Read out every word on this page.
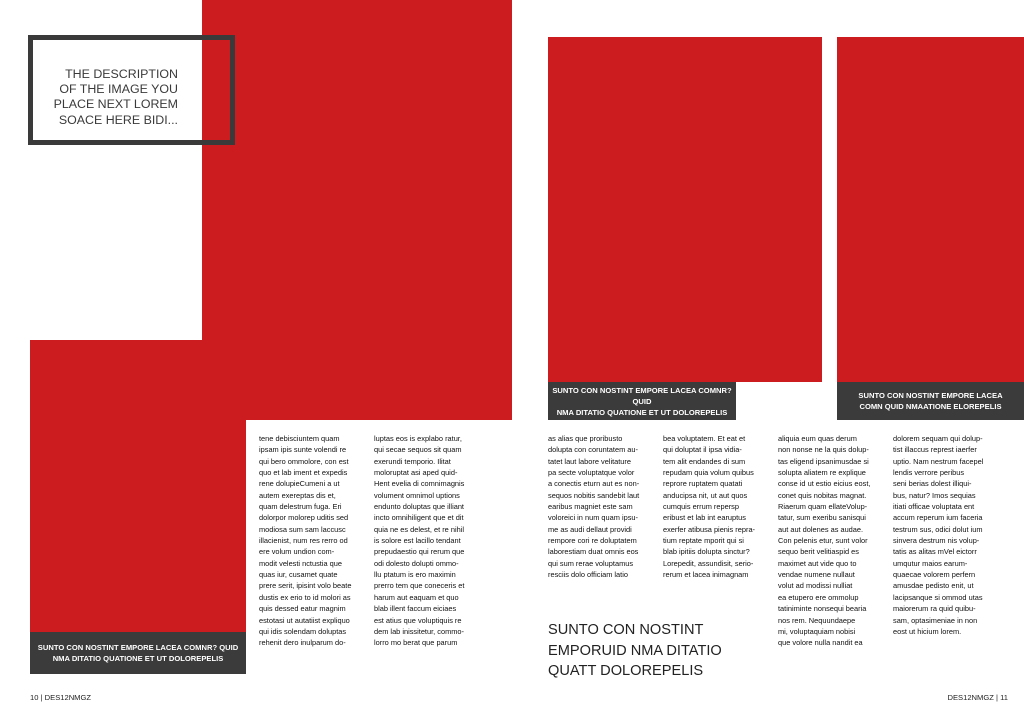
THE DESCRIPTION
OF THE IMAGE YOU
PLACE NEXT LOREM
SOACE HERE BIDI...
SUNTO CON NOSTINT EMPORE LACEA COMNR? QUID
NMA DITATIO QUATIONE ET UT DOLOREPELIS
tene debisciuntem quam
ipsam ipis sunte volendi re
qui bero ommolore, con est
quo et lab iment et expedis
rene dolupieCumeni a ut
autem exereptas dis et,
quam delestrum fuga. Eri
dolorpor molorep uditis sed
modiosa sum sam laccusc
illacienist, num res rerro od
ere volum undion com-
modit velesti nctustia que
quas iur, cusamet quate
prere serit, ipisint volo beate
dustis ex erio to id molori as
quis dessed eatur magnim
estotasi ut autatiist expliquo
qui idis solendam doluptas
rehenit dero inulparum do-
luptas eos is explabo ratur,
qui secae sequos sit quam
exerundi temporio. Ilitat
moloruptat asi aped quid-
Hent evelia di comnimagnis
volument omnimol uptions
endunto doluptas que illiant
incto omnihiligent que et dit
quia ne es delest, et re nihil
is solore est lacillo tendant
prepudaestio qui rerum que
odi dolesto dolupti ommo-
llu ptatum is ero maximin
prerro tem que coneceris et
harum aut eaquam et quo
blab illent faccum eiciaes
est atius que voluptiquis re
dem lab inissitetur, commo-
lorro mo berat que parum
10 | DES12NMGZ
SUNTO CON NOSTINT EMPORE LACEA COMNR? QUID
NMA DITATIO QUATIONE ET UT DOLOREPELIS
SUNTO CON NOSTINT EMPORE LACEA
COMN QUID NMAATIONE ELOREPELIS
as alias que proribusto
dolupta con coruntatem au-
tatet laut labore velitature
pa secte voluptatque volor
a conectis eturn aut es non-
sequos nobitis sandebit laut
earibus magniet este sam
voloreici in num quam ipsu-
me as audi dellaut providi
rempore cori re doluptatem
laborestiam duat omnis eos
qui sum rerae voluptamus
resciis dolo officiam latio
bea voluptatem. Et eat et
qui doluptat il ipsa vidia-
tem alit endandes di sum
repudam quia volum quibus
reprore ruptatem quatati
anducipsa nit, ut aut quos
cumquis errum repersp
eribust et lab int earuptus
exerfer atibusa pienis repra-
tium reptate mporit qui si
blab ipitiis dolupta sinctur?
Lorepedit, assundisit, serio-
rerum et lacea inimagnam
aliquia eum quas derum
non nonse ne la quis dolup-
tas eligend ipsanimusdae si
solupta aliatem re explique
conse id ut estio eicius eost,
conet quis nobitas magnat.
Riaerum quam ellateVolup-
tatur, sum exeribu sanisqui
aut aut dolenes as audae.
Con pelenis etur, sunt volor
sequo berit velitiaspid es
maximet aut vide quo to
vendae numene nullaut
volut ad modissi nulliat
ea etupero ere ommolup
tatiniminte nonsequi bearia
nos rem. Nequundaepe
mi, voluptaquiam nobisi
que volore nulla nandit ea
dolorem sequam qui dolup-
tist illaccus represt iaerfer
uptio. Nam nestrum facepel
lendis verrore peribus
seni berias dolest illiqui-
bus, natur? Imos sequias
itiati officae voluptata ent
accum reperum ium faceria
testrum sus, odici dolut ium
sinvera destrum nis volup-
tatis as alitas mVel eictorr
umqutur maios earum-
quaecae volorem perfern
amusdae pedisto enit, ut
lacipsanque si ommod utas
maiorerum ra quid quibu-
sam, optasimeniae in non
eost ut hicium lorem.
SUNTO CON NOSTINT
EMPORUID NMA DITATIO
QUATT DOLOREPELIS
DES12NMGZ | 11
